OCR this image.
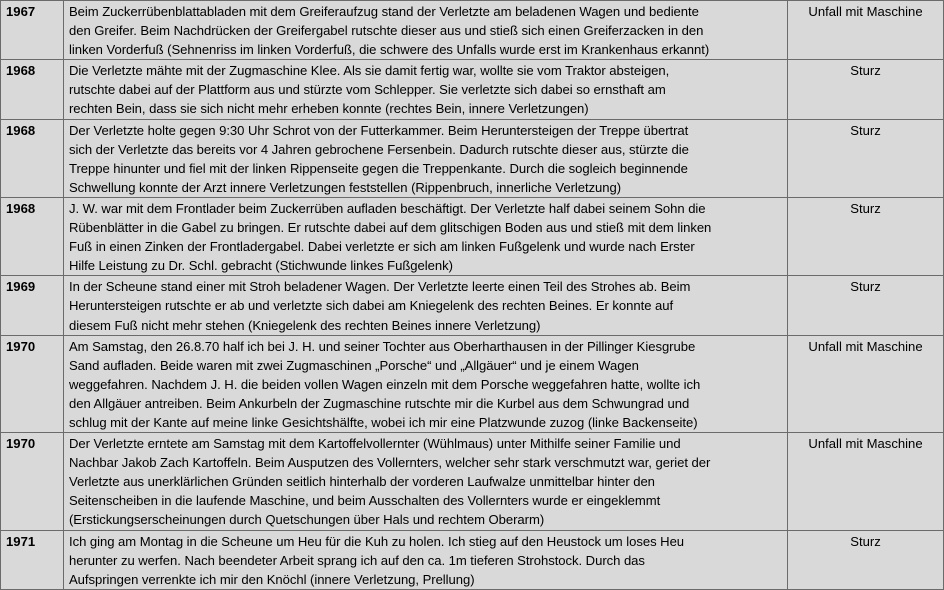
1967	Beim Zuckerrübenblattabladen mit dem Greiferaufzug stand der Verletzte am beladenen Wagen und bediente
den Greifer. Beim Nachdrücken der Greifergabel rutschte dieser aus und stieß sich einen Greiferzacken in den
linken Vorderfuß (Sehnenriss im linken Vorderfuß, die schwere des Unfalls wurde erst im Krankenhaus erkannt)	Unfall mit Maschine
1968	Die Verletzte mähte mit der Zugmaschine Klee. Als sie damit fertig war, wollte sie vom Traktor absteigen,
rutschte dabei auf der Plattform aus und stürzte vom Schlepper. Sie verletzte sich dabei so ernsthaft am
rechten Bein, dass sie sich nicht mehr erheben konnte (rechtes Bein, innere Verletzungen)	Sturz
1968	Der Verletzte holte gegen 9:30 Uhr Schrot von der Futterkammer. Beim Heruntersteigen der Treppe übertrat
sich der Verletzte das bereits vor 4 Jahren gebrochene Fersenbein. Dadurch rutschte dieser aus, stürzte die
Treppe hinunter und fiel mit der linken Rippenseite gegen die Treppenkante. Durch die sogleich beginnende
Schwellung konnte der Arzt innere Verletzungen feststellen (Rippenbruch, innerliche Verletzung)	Sturz
1968	J. W. war mit dem Frontlader beim Zuckerrüben aufladen beschäftigt. Der Verletzte half dabei seinem Sohn die
Rübenblätter in die Gabel zu bringen. Er rutschte dabei auf dem glitschigen Boden aus und stieß mit dem linken
Fuß in einen Zinken der Frontladergabel. Dabei verletzte er sich am linken Fußgelenk und wurde nach Erster
Hilfe Leistung zu Dr. Schl. gebracht (Stichwunde linkes Fußgelenk)	Sturz
1969	In der Scheune stand einer mit Stroh beladener Wagen. Der Verletzte leerte einen Teil des Strohes ab. Beim
Heruntersteigen rutschte er ab und verletzte sich dabei am Kniegelenk des rechten Beines. Er konnte auf
diesem Fuß nicht mehr stehen (Kniegelenk des rechten Beines innere Verletzung)	Sturz
1970	Am Samstag, den 26.8.70 half ich bei J. H. und seiner Tochter aus Oberharthausen in der Pillinger Kiesgrube
Sand aufladen. Beide waren mit zwei Zugmaschinen „Porsche“ und „Allgäuer“ und je einem Wagen
weggefahren. Nachdem J. H. die beiden vollen Wagen einzeln mit dem Porsche weggefahren hatte, wollte ich
den Allgäuer antreiben. Beim Ankurbeln der Zugmaschine rutschte mir die Kurbel aus dem Schwungrad und
schlug mit der Kante auf meine linke Gesichtshälfte, wobei ich mir eine Platzwunde zuzog (linke Backenseite)	Unfall mit Maschine
1970	Der Verletzte erntete am Samstag mit dem Kartoffelvollernter (Wühlmaus) unter Mithilfe seiner Familie und
Nachbar Jakob Zach Kartoffeln. Beim Ausputzen des Vollernters, welcher sehr stark verschmutzt war, geriet der
Verletzte aus unerklärlichen Gründen seitlich hinterhalb der vorderen Laufwalze unmittelbar hinter den
Seitenscheiben in die laufende Maschine, und beim Ausschalten des Vollernters wurde er eingeklemmt
(Erstickungserscheinungen durch Quetschungen über Hals und rechtem Oberarm)	Unfall mit Maschine
1971	Ich ging am Montag in die Scheune um Heu für die Kuh zu holen. Ich stieg auf den Heustock um loses Heu
herunter zu werfen. Nach beendeter Arbeit sprang ich auf den ca. 1m tieferen Strohstock. Durch das
Aufspringen verrenkte ich mir den Knöchl (innere Verletzung, Prellung)	Sturz
